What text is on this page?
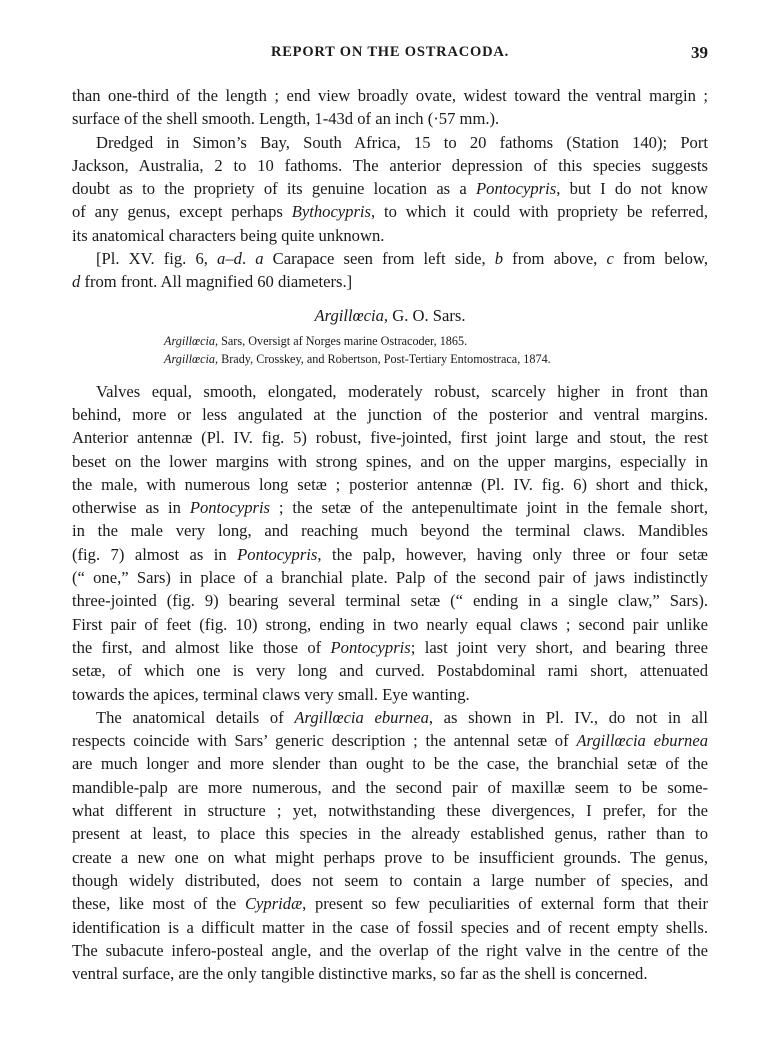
REPORT ON THE OSTRACODA.	39
than one-third of the length ; end view broadly ovate, widest toward the ventral margin ;
surface of the shell smooth. Length, 1-43d of an inch (·57 mm.).
Dredged in Simon’s Bay, South Africa, 15 to 20 fathoms (Station 140); Port
Jackson, Australia, 2 to 10 fathoms. The anterior depression of this species suggests
doubt as to the propriety of its genuine location as a Pontocypris, but I do not know
of any genus, except perhaps Bythocypris, to which it could with propriety be referred,
its anatomical characters being quite unknown.
[Pl. XV. fig. 6, a–d. a Carapace seen from left side, b from above, c from below,
d from front. All magnified 60 diameters.]
Argillœcia, G. O. Sars.
Argillœcia, Sars, Oversigt af Norges marine Ostracoder, 1865.
Argillœcia, Brady, Crosskey, and Robertson, Post-Tertiary Entomostraca, 1874.
Valves equal, smooth, elongated, moderately robust, scarcely higher in front than
behind, more or less angulated at the junction of the posterior and ventral margins.
Anterior antennæ (Pl. IV. fig. 5) robust, five-jointed, first joint large and stout, the rest
beset on the lower margins with strong spines, and on the upper margins, especially in
the male, with numerous long setæ ; posterior antennæ (Pl. IV. fig. 6) short and thick,
otherwise as in Pontocypris ; the setæ of the antepenultimate joint in the female short,
in the male very long, and reaching much beyond the terminal claws. Mandibles
(fig. 7) almost as in Pontocypris, the palp, however, having only three or four setæ
(“ one,” Sars) in place of a branchial plate. Palp of the second pair of jaws indistinctly
three-jointed (fig. 9) bearing several terminal setæ (“ ending in a single claw,” Sars).
First pair of feet (fig. 10) strong, ending in two nearly equal claws ; second pair unlike
the first, and almost like those of Pontocypris; last joint very short, and bearing three
setæ, of which one is very long and curved. Postabdominal rami short, attenuated
towards the apices, terminal claws very small. Eye wanting.
The anatomical details of Argillœcia eburnea, as shown in Pl. IV., do not in all
respects coincide with Sars’ generic description ; the antennal setæ of Argillœcia eburnea
are much longer and more slender than ought to be the case, the branchial setæ of the
mandible-palp are more numerous, and the second pair of maxillæ seem to be some-
what different in structure ; yet, notwithstanding these divergences, I prefer, for the
present at least, to place this species in the already established genus, rather than to
create a new one on what might perhaps prove to be insufficient grounds. The genus,
though widely distributed, does not seem to contain a large number of species, and
these, like most of the Cypridæ, present so few peculiarities of external form that their
identification is a difficult matter in the case of fossil species and of recent empty shells.
The subacute infero-posteal angle, and the overlap of the right valve in the centre of the
ventral surface, are the only tangible distinctive marks, so far as the shell is concerned.
